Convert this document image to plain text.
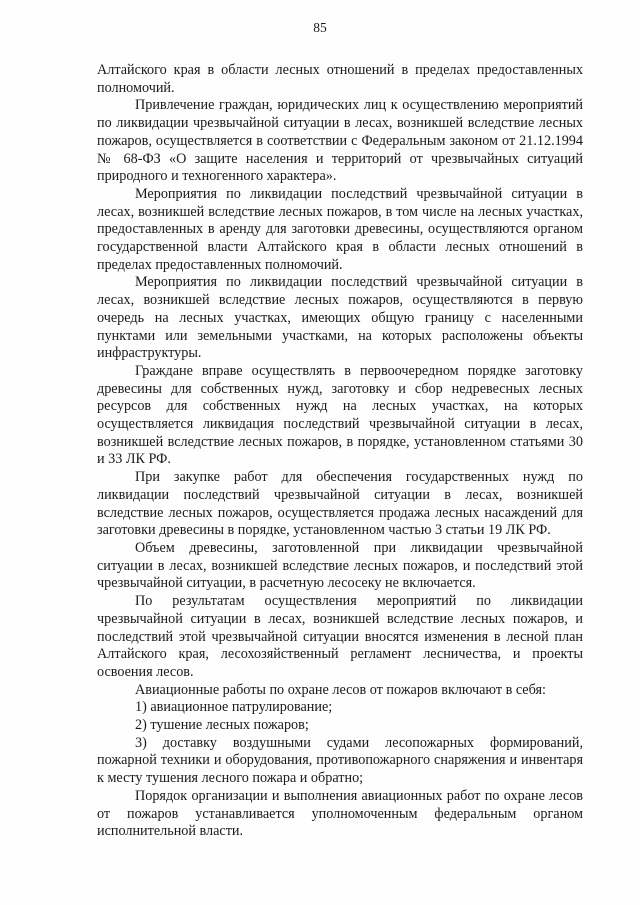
85

Алтайского края в области лесных отношений в пределах предоставленных полномочий.

Привлечение граждан, юридических лиц к осуществлению мероприятий по ликвидации чрезвычайной ситуации в лесах, возникшей вследствие лесных пожаров, осуществляется в соответствии с Федеральным законом от 21.12.1994 № 68-ФЗ «О защите населения и территорий от чрезвычайных ситуаций природного и техногенного характера».

Мероприятия по ликвидации последствий чрезвычайной ситуации в лесах, возникшей вследствие лесных пожаров, в том числе на лесных участках, предоставленных в аренду для заготовки древесины, осуществляются органом государственной власти Алтайского края в области лесных отношений в пределах предоставленных полномочий.

Мероприятия по ликвидации последствий чрезвычайной ситуации в лесах, возникшей вследствие лесных пожаров, осуществляются в первую очередь на лесных участках, имеющих общую границу с населенными пунктами или земельными участками, на которых расположены объекты инфраструктуры.

Граждане вправе осуществлять в первоочередном порядке заготовку древесины для собственных нужд, заготовку и сбор недревесных лесных ресурсов для собственных нужд на лесных участках, на которых осуществляется ликвидация последствий чрезвычайной ситуации в лесах, возникшей вследствие лесных пожаров, в порядке, установленном статьями 30 и 33 ЛК РФ.

При закупке работ для обеспечения государственных нужд по ликвидации последствий чрезвычайной ситуации в лесах, возникшей вследствие лесных пожаров, осуществляется продажа лесных насаждений для заготовки древесины в порядке, установленном частью 3 статьи 19 ЛК РФ.

Объем древесины, заготовленной при ликвидации чрезвычайной ситуации в лесах, возникшей вследствие лесных пожаров, и последствий этой чрезвычайной ситуации, в расчетную лесосеку не включается.

По результатам осуществления мероприятий по ликвидации чрезвычайной ситуации в лесах, возникшей вследствие лесных пожаров, и последствий этой чрезвычайной ситуации вносятся изменения в лесной план Алтайского края, лесохозяйственный регламент лесничества, и проекты освоения лесов.

Авиационные работы по охране лесов от пожаров включают в себя:

1) авиационное патрулирование;

2) тушение лесных пожаров;

3) доставку воздушными судами лесопожарных формирований, пожарной техники и оборудования, противопожарного снаряжения и инвентаря к месту тушения лесного пожара и обратно;

Порядок организации и выполнения авиационных работ по охране лесов от пожаров устанавливается уполномоченным федеральным органом исполнительной власти.
